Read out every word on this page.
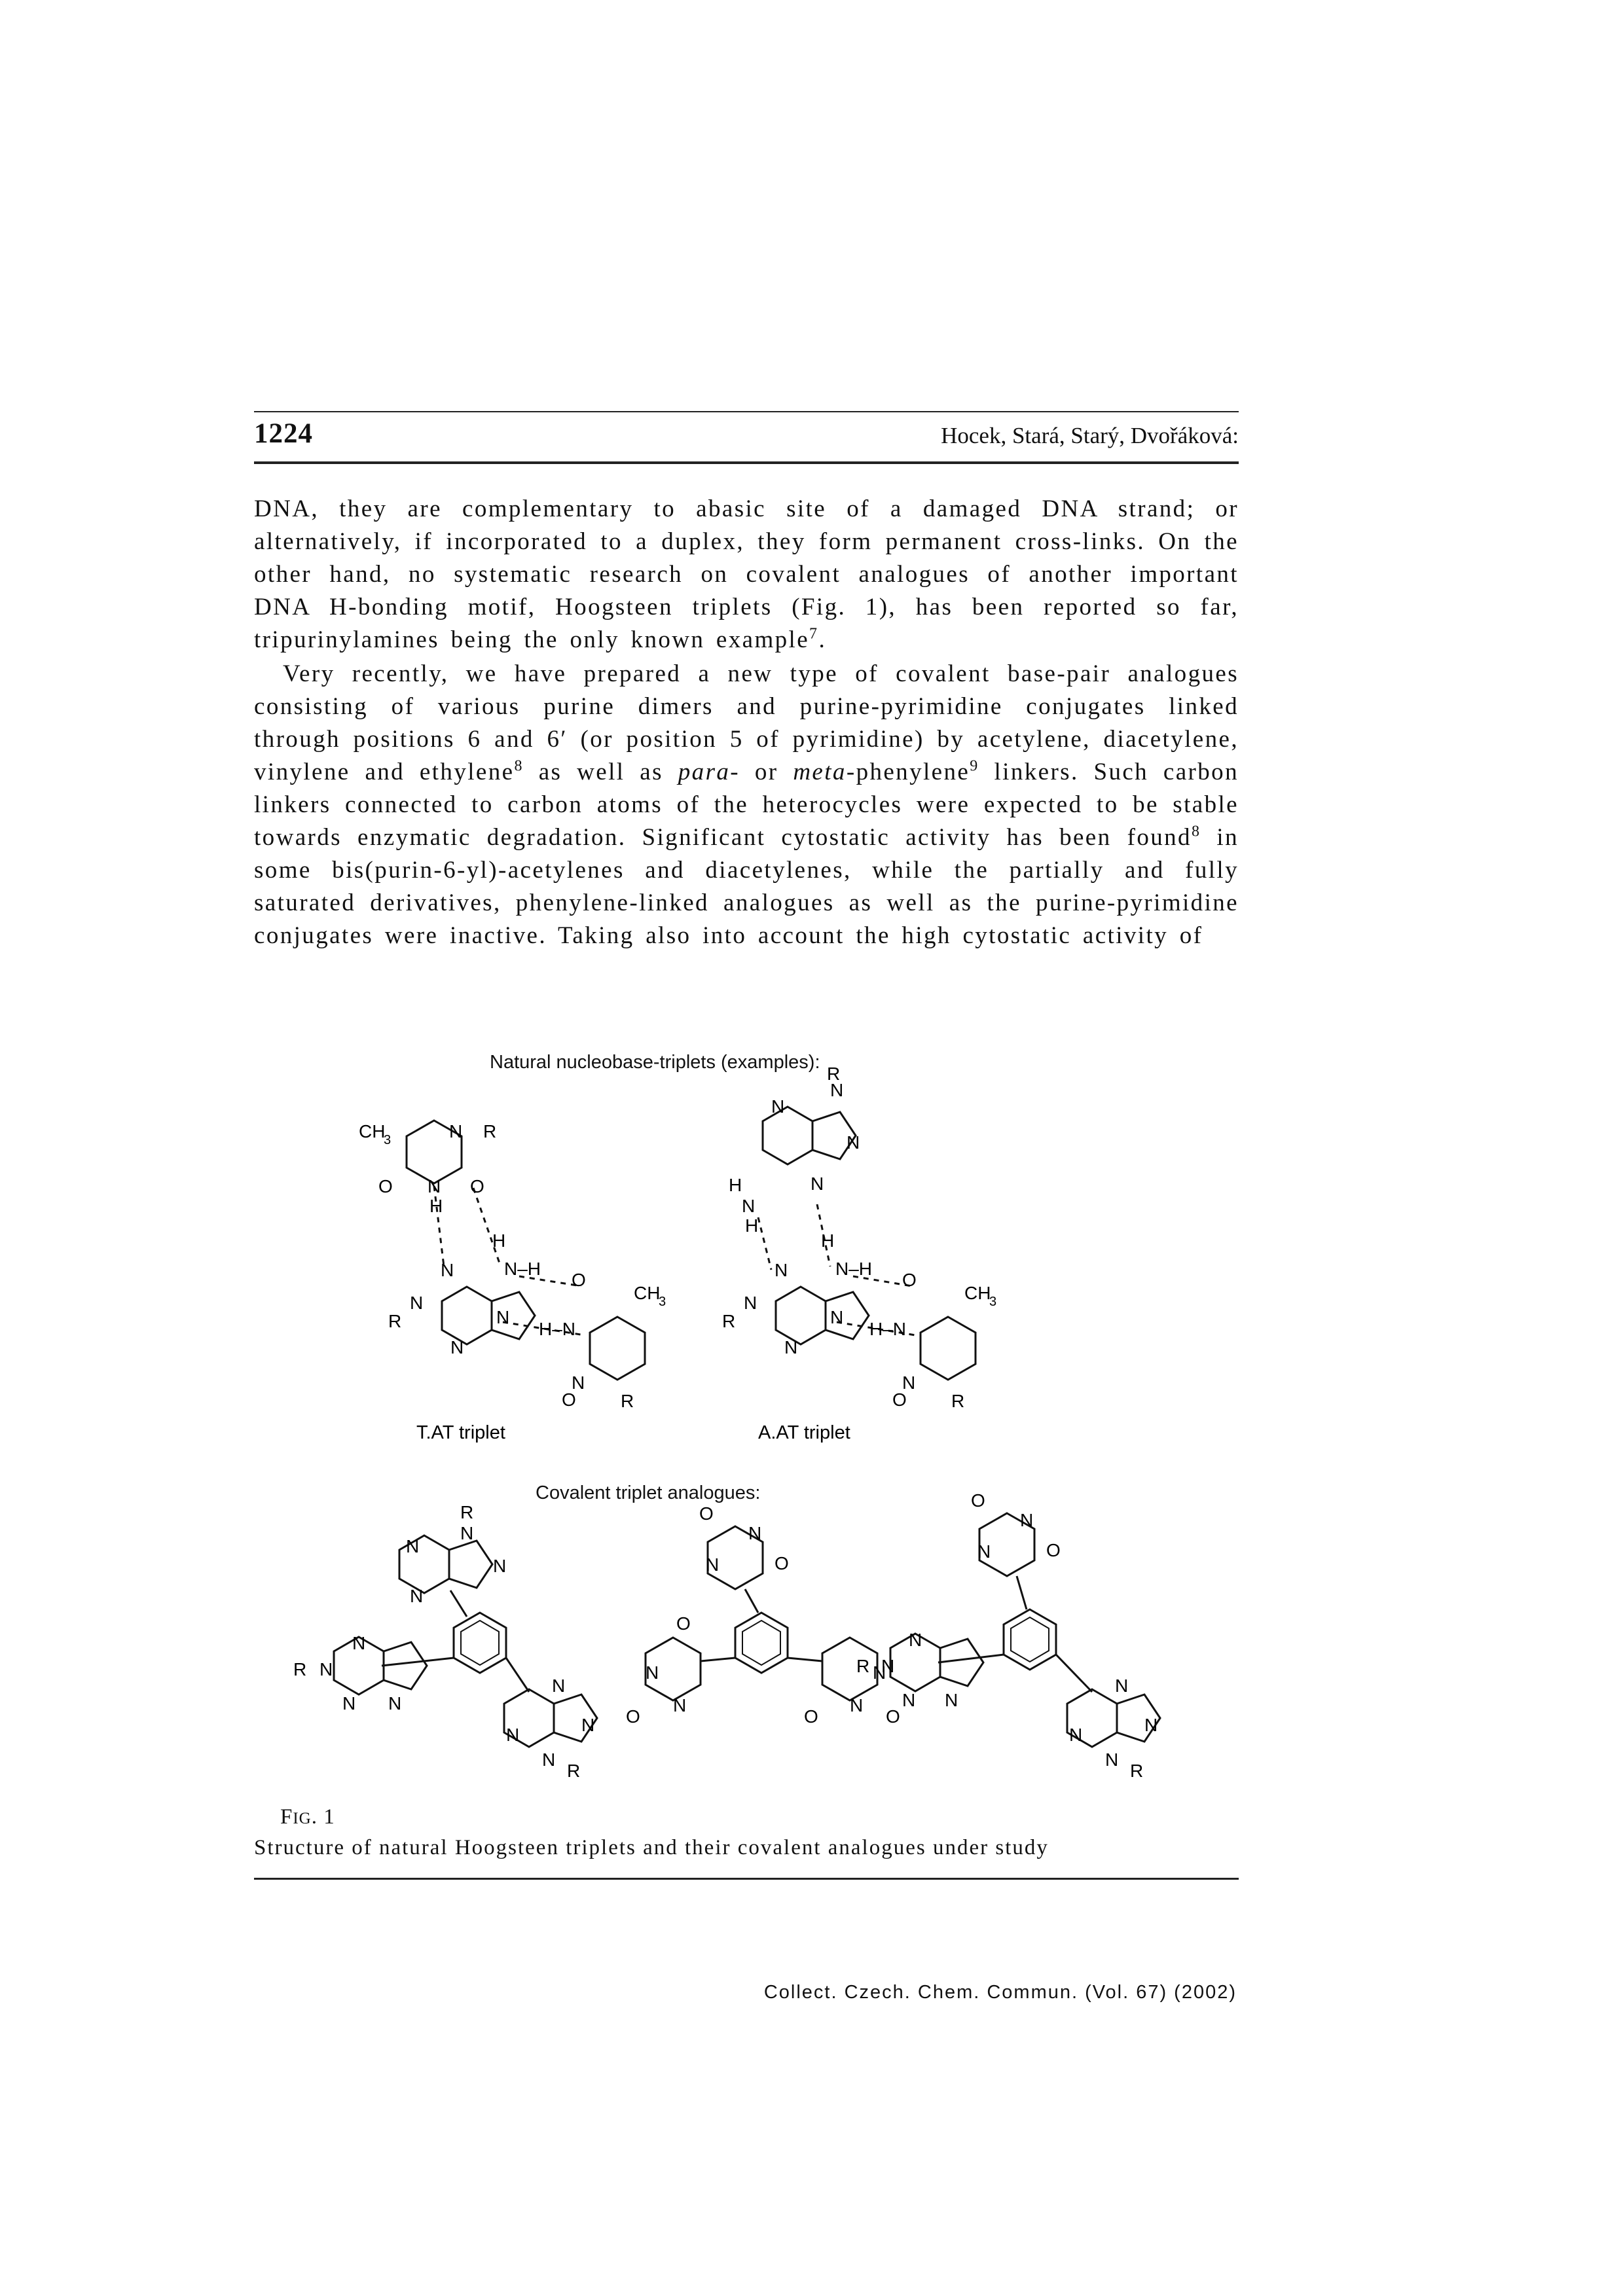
1224	Hocek, Stará, Starý, Dvořáková:
DNA, they are complementary to abasic site of a damaged DNA strand; or alternatively, if incorporated to a duplex, they form permanent cross-links. On the other hand, no systematic research on covalent analogues of another important DNA H-bonding motif, Hoogsteen triplets (Fig. 1), has been reported so far, tripurinylamines being the only known example$^7$.
Very recently, we have prepared a new type of covalent base-pair analogues consisting of various purine dimers and purine-pyrimidine conjugates linked through positions 6 and 6′ (or position 5 of pyrimidine) by acetylene, diacetylene, vinylene and ethylene$^8$ as well as para- or meta-phenylene$^9$ linkers. Such carbon linkers connected to carbon atoms of the heterocycles were expected to be stable towards enzymatic degradation. Significant cytostatic activity has been found$^8$ in some bis(purin-6-yl)-acetylenes and diacetylenes, while the partially and fully saturated derivatives, phenylene-linked analogues as well as the purine-pyrimidine conjugates were inactive. Taking also into account the high cytostatic activity of
Natural nucleobase-triplets (examples):
Covalent triplet analogues:
CH
3	N R
O N O
H
H
N–H
O
CH
3
N
N
R	N
N
H–N
N
O R
T.AT triplet
N
R
N
N
N
H
N
H
H
N–H
O
CH
3
N
N
R	N
N
H–N
N
O R
A.AT triplet
R
N
N
N
N
R N
N
N N
N
N
N
N
R
O
N
N	O
O
N
O
N
N
N
O	O
O
N
N	O
N
R N
N N
N
N
N
N
R
FIG. 1
Structure of natural Hoogsteen triplets and their covalent analogues under study
Collect. Czech. Chem. Commun. (Vol. 67) (2002)
